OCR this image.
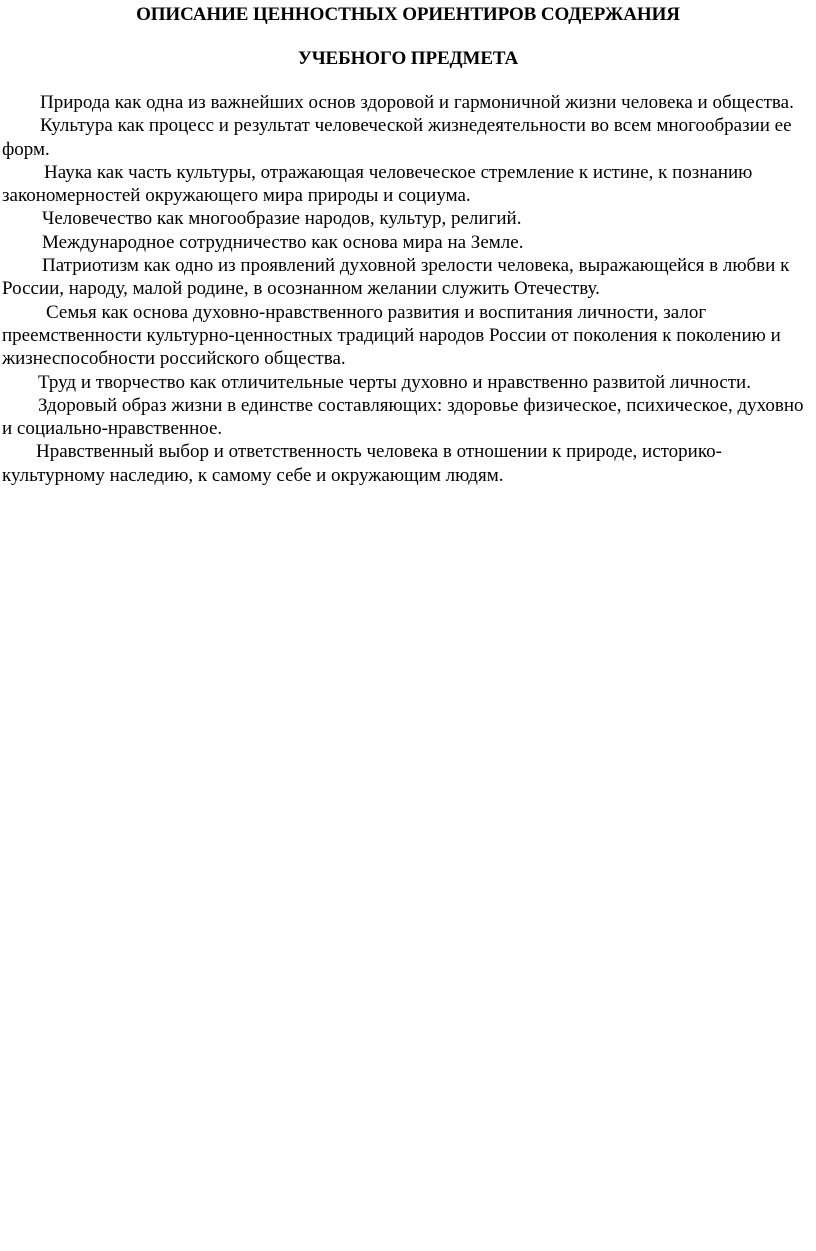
ОПИСАНИЕ ЦЕННОСТНЫХ ОРИЕНТИРОВ СОДЕРЖАНИЯ
УЧЕБНОГО ПРЕДМЕТА

Природа как одна из важнейших основ здоровой и гармоничной жизни человека и общества.

Культура как процесс и результат человеческой жизнедеятельности во всем многообразии ее форм.

Наука как часть культуры, отражающая человеческое стремление к истине, к познанию закономерностей окружающего мира природы и социума.

Человечество как многообразие народов, культур, религий.

Международное сотрудничество как основа мира на Земле.

Патриотизм как одно из проявлений духовной зрелости человека, выражающейся в любви к России, народу, малой родине, в осознанном желании служить Отечеству.

Семья как основа духовно-нравственного развития и воспитания личности, залог преемственности культурно-ценностных традиций народов России от поколения к поколению и жизнеспособности российского общества.

Труд и творчество как отличительные черты духовно и нравственно развитой личности.

Здоровый образ жизни в единстве составляющих: здоровье физическое, психическое, духовно и социально-нравственное.

Нравственный выбор и ответственность человека в отношении к природе, историко-культурному наследию, к самому себе и окружающим людям.
